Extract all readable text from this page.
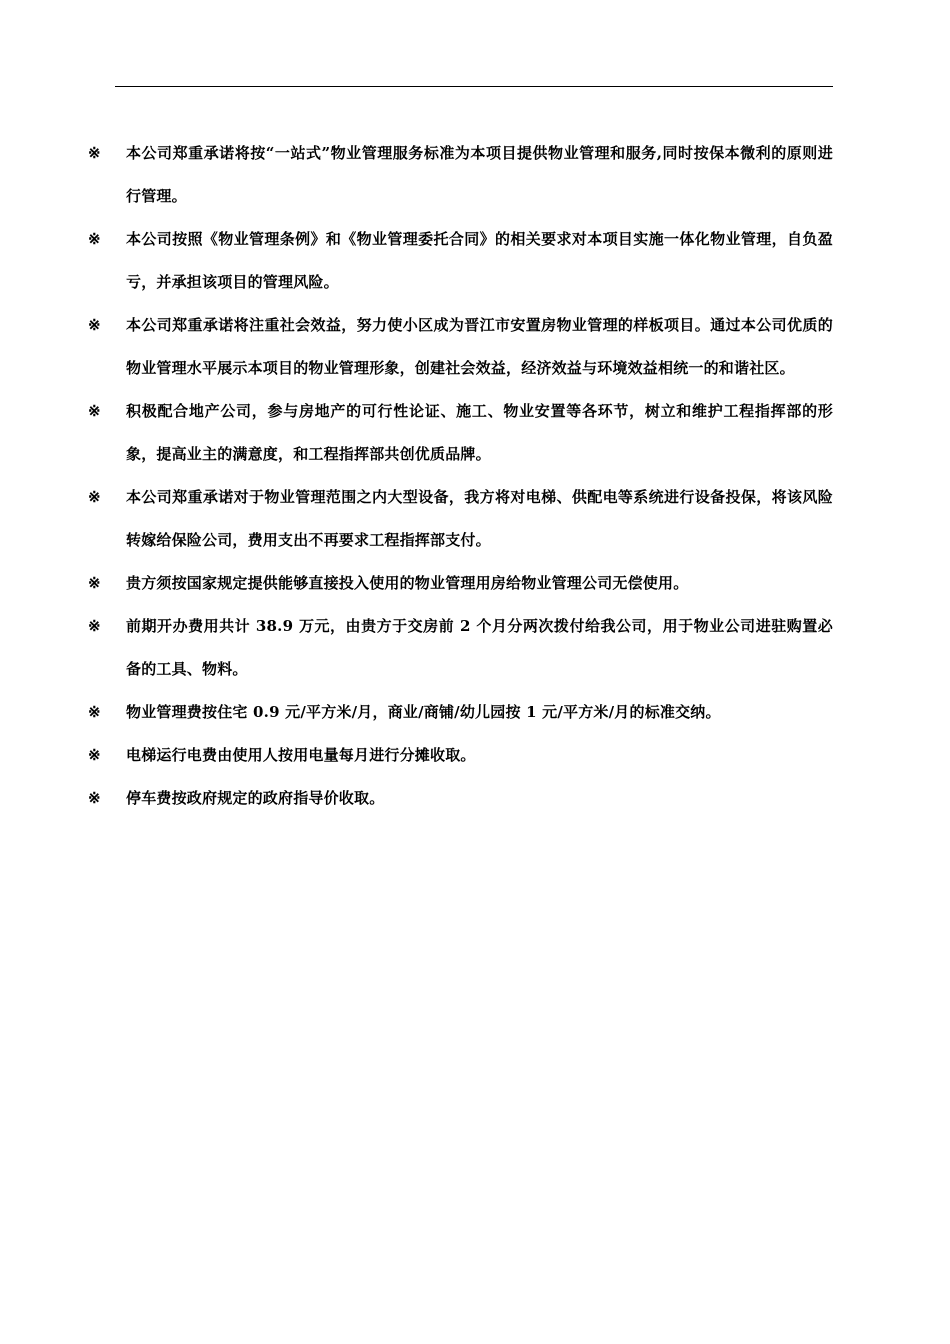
※	本公司郑重承诺将按“一站式”物业管理服务标准为本项目提供物业管理和服务,同时按保本微利的原则进行管理。
※	本公司按照《物业管理条例》和《物业管理委托合同》的相关要求对本项目实施一体化物业管理，自负盈亏，并承担该项目的管理风险。
※	本公司郑重承诺将注重社会效益，努力使小区成为晋江市安置房物业管理的样板项目。通过本公司优质的物业管理水平展示本项目的物业管理形象，创建社会效益，经济效益与环境效益相统一的和谐社区。
※	积极配合地产公司，参与房地产的可行性论证、施工、物业安置等各环节，树立和维护工程指挥部的形象，提高业主的满意度，和工程指挥部共创优质品牌。
※	本公司郑重承诺对于物业管理范围之内大型设备，我方将对电梯、供配电等系统进行设备投保，将该风险转嫁给保险公司，费用支出不再要求工程指挥部支付。
※	贵方须按国家规定提供能够直接投入使用的物业管理用房给物业管理公司无偿使用。
※	前期开办费用共计 38.9 万元，由贵方于交房前 2 个月分两次拨付给我公司，用于物业公司进驻购置必备的工具、物料。
※	物业管理费按住宅 0.9 元/平方米/月，商业/商铺/幼儿园按 1 元/平方米/月的标准交纳。
※	电梯运行电费由使用人按用电量每月进行分摊收取。
※	停车费按政府规定的政府指导价收取。
